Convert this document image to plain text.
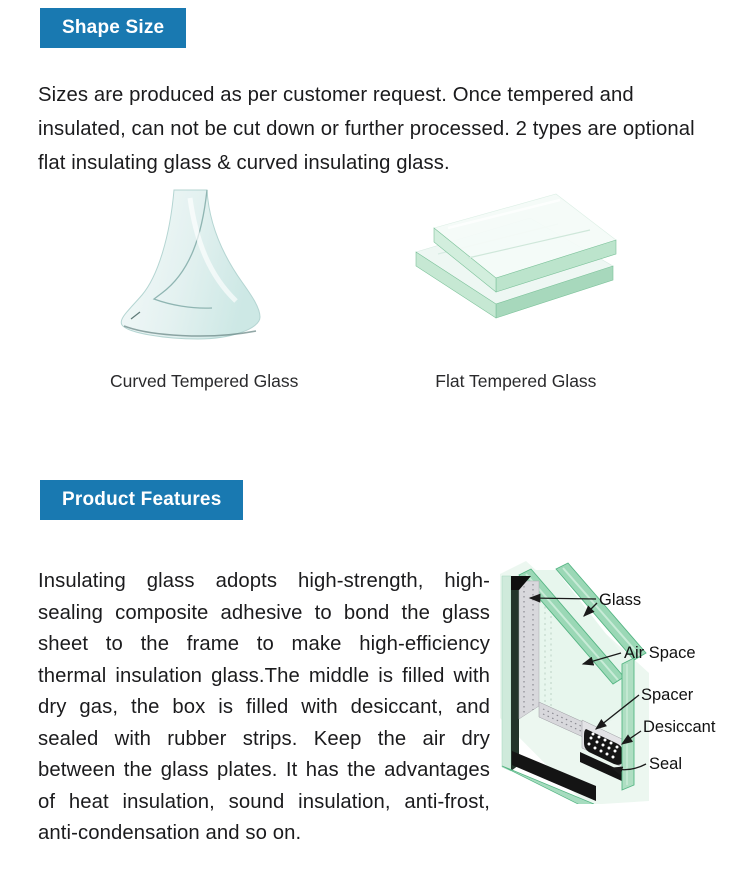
Shape Size

Sizes are produced as per customer request. Once tempered and insulated, can not be cut down or further processed. 2 types are optional flat insulating glass & curved insulating glass.

Curved Tempered Glass	Flat Tempered Glass
Product Features

Insulating glass adopts high-strength, high-sealing composite adhesive to bond the glass sheet to the frame to make high-efficiency thermal insulation glass.The middle is filled with dry gas, the box is filled with desiccant, and sealed with rubber strips. Keep the air dry between the glass plates. It has the advantages of heat insulation, sound insulation, anti-frost, anti-condensation and so on.

Glass
Air Space
Spacer
Desiccant
Seal
